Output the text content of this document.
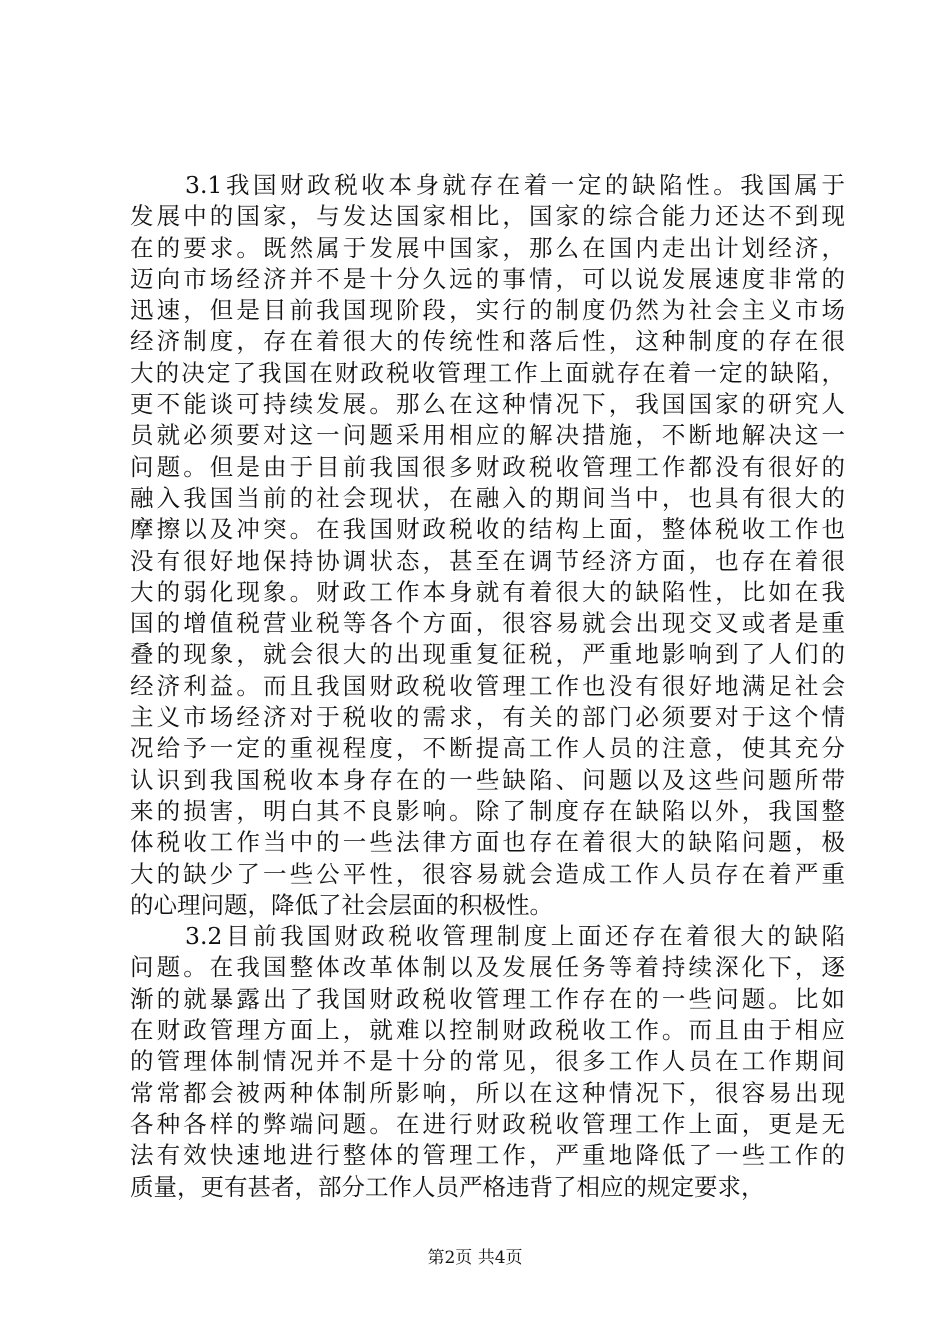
3.1我国财政税收本身就存在着一定的缺陷性。我国属于
发展中的国家，与发达国家相比，国家的综合能力还达不到现
在的要求。既然属于发展中国家，那么在国内走出计划经济，
迈向市场经济并不是十分久远的事情，可以说发展速度非常的
迅速，但是目前我国现阶段，实行的制度仍然为社会主义市场
经济制度，存在着很大的传统性和落后性，这种制度的存在很
大的决定了我国在财政税收管理工作上面就存在着一定的缺陷，
更不能谈可持续发展。那么在这种情况下，我国国家的研究人
员就必须要对这一问题采用相应的解决措施，不断地解决这一
问题。但是由于目前我国很多财政税收管理工作都没有很好的
融入我国当前的社会现状，在融入的期间当中，也具有很大的
摩擦以及冲突。在我国财政税收的结构上面，整体税收工作也
没有很好地保持协调状态，甚至在调节经济方面，也存在着很
大的弱化现象。财政工作本身就有着很大的缺陷性，比如在我
国的增值税营业税等各个方面，很容易就会出现交叉或者是重
叠的现象，就会很大的出现重复征税，严重地影响到了人们的
经济利益。而且我国财政税收管理工作也没有很好地满足社会
主义市场经济对于税收的需求，有关的部门必须要对于这个情
况给予一定的重视程度，不断提高工作人员的注意，使其充分
认识到我国税收本身存在的一些缺陷、问题以及这些问题所带
来的损害，明白其不良影响。除了制度存在缺陷以外，我国整
体税收工作当中的一些法律方面也存在着很大的缺陷问题，极
大的缺少了一些公平性，很容易就会造成工作人员存在着严重
的心理问题，降低了社会层面的积极性。
3.2目前我国财政税收管理制度上面还存在着很大的缺陷
问题。在我国整体改革体制以及发展任务等着持续深化下，逐
渐的就暴露出了我国财政税收管理工作存在的一些问题。比如
在财政管理方面上，就难以控制财政税收工作。而且由于相应
的管理体制情况并不是十分的常见，很多工作人员在工作期间
常常都会被两种体制所影响，所以在这种情况下，很容易出现
各种各样的弊端问题。在进行财政税收管理工作上面，更是无
法有效快速地进行整体的管理工作，严重地降低了一些工作的
质量，更有甚者，部分工作人员严格违背了相应的规定要求，
第2页 共4页
